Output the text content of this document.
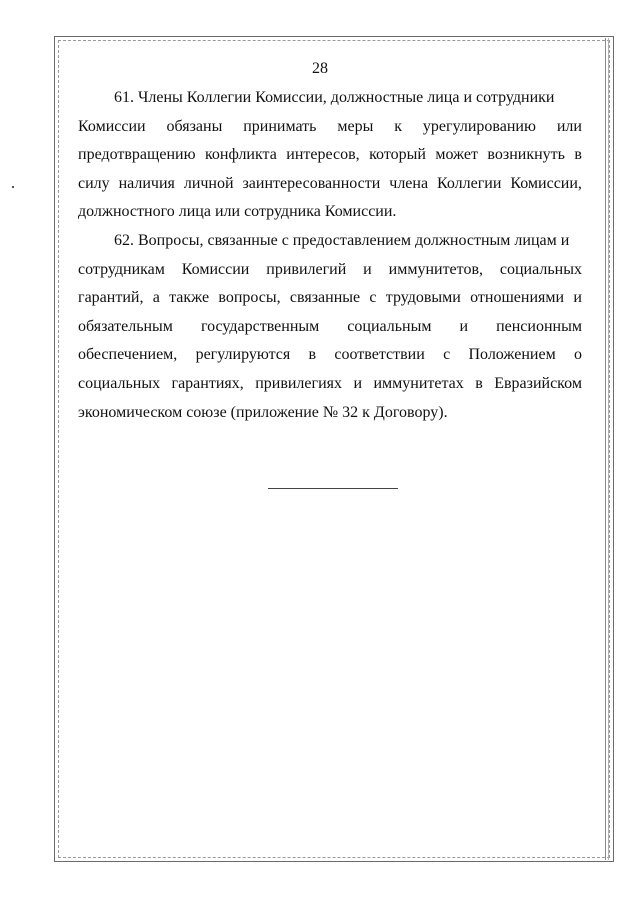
28

61. Члены Коллегии Комиссии, должностные лица и сотрудники
Комиссии обязаны принимать меры к урегулированию или
предотвращению конфликта интересов, который может возникнуть в
силу наличия личной заинтересованности члена Коллегии Комиссии,
должностного лица или сотрудника Комиссии.

62. Вопросы, связанные с предоставлением должностным лицам и
сотрудникам Комиссии привилегий и иммунитетов, социальных
гарантий, а также вопросы, связанные с трудовыми отношениями и
обязательным государственным социальным и пенсионным
обеспечением, регулируются в соответствии с Положением о
социальных гарантиях, привилегиях и иммунитетах в Евразийском
экономическом союзе (приложение № 32 к Договору).
